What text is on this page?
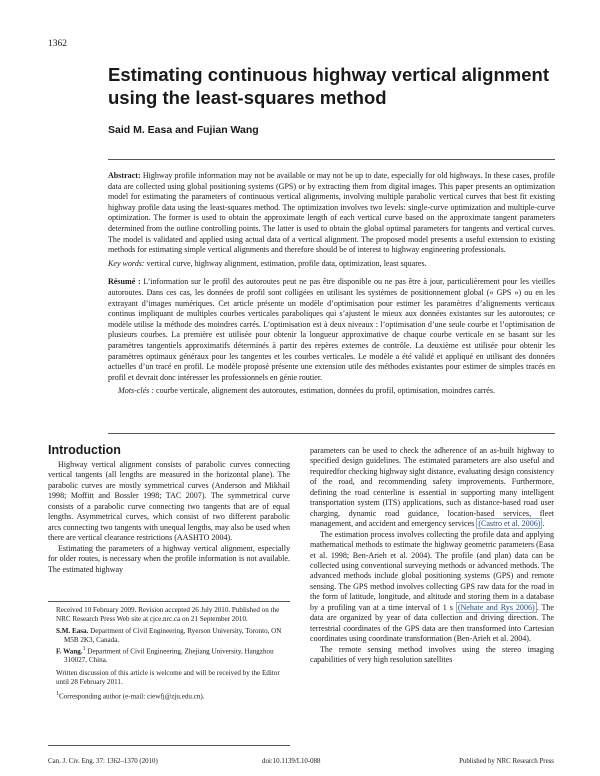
1362
Estimating continuous highway vertical alignment using the least-squares method
Said M. Easa and Fujian Wang

Abstract: Highway profile information may not be available or may not be up to date, especially for old highways. In these cases, profile data are collected using global positioning systems (GPS) or by extracting them from digital images. This paper presents an optimization model for estimating the parameters of continuous vertical alignments, involving multiple parabolic vertical curves that best fit existing highway profile data using the least-squares method. The optimization involves two levels: single-curve optimization and multiple-curve optimization. The former is used to obtain the approximate length of each vertical curve based on the approximate tangent parameters determined from the outline controlling points. The latter is used to obtain the global optimal parameters for tangents and vertical curves. The model is validated and applied using actual data of a vertical alignment. The proposed model presents a useful extension to existing methods for estimating simple vertical alignments and therefore should be of interest to highway engineering professionals.

Key words: vertical curve, highway alignment, estimation, profile data, optimization, least squares.

Résumé : L’information sur le profil des autoroutes peut ne pas être disponible ou ne pas être à jour, particulièrement pour les vieilles autoroutes. Dans ces cas, les données de profil sont colligées en utilisant les systèmes de positionnement global (« GPS ») ou en les extrayant d’images numériques. Cet article présente un modèle d’optimisation pour estimer les paramètres d’alignements verticaux continus impliquant de multiples courbes verticales paraboliques qui s’ajustent le mieux aux données existantes sur les autoroutes; ce modèle utilise la méthode des moindres carrés. L’optimisation est à deux niveaux : l’optimisation d’une seule courbe et l’optimisation de plusieurs courbes. La première est utilisée pour obtenir la longueur approximative de chaque courbe verticale en se basant sur les paramètres tangentiels approximatifs déterminés à partir des repères externes de contrôle. La deuxième est utilisée pour obtenir les paramètres optimaux généraux pour les tangentes et les courbes verticales. Le modèle a été validé et appliqué en utilisant des données actuelles d’un tracé en profil. Le modèle proposé présente une extension utile des méthodes existantes pour estimer de simples tracés en profil et devrait donc intéresser les professionnels en génie routier.

Mots-clés : courbe verticale, alignement des autoroutes, estimation, données du profil, optimisation, moindres carrés.

Introduction

Highway vertical alignment consists of parabolic curves connecting vertical tangents (all lengths are measured in the horizontal plane). The parabolic curves are mostly symmetrical curves (Anderson and Mikhail 1998; Moffitt and Bossler 1998; TAC 2007). The symmetrical curve consists of a parabolic curve connecting two tangents that are of equal lengths. Asymmetrical curves, which consist of two different parabolic arcs connecting two tangents with unequal lengths, may also be used when there are vertical clearance restrictions (AASHTO 2004).

Estimating the parameters of a highway vertical alignment, especially for older routes, is necessary when the profile information is not available. The estimated highway

Received 10 February 2009. Revision accepted 26 July 2010. Published on the NRC Research Press Web site at cjce.nrc.ca on 21 September 2010.

S.M. Easa. Department of Civil Engineering, Ryerson University, Toronto, ON M5B 2K3, Canada.

F. Wang.$^1$ Department of Civil Engineering, Zhejiang University, Hangzhou 310027, China.

Written discussion of this article is welcome and will be received by the Editor until 28 February 2011.

$^1$Corresponding author (e-mail: ciewfj@zju.edu.cn).

parameters can be used to check the adherence of an as-built highway to specified design guidelines. The estimated parameters are also useful and requiredfor checking highway sight distance, evaluating design consistency of the road, and recommending safety improvements. Furthermore, defining the road centerline is essential in supporting many intelligent transportation system (ITS) applications, such as distance-based road user charging, dynamic road guidance, location-based services, fleet management, and accident and emergency services (Castro et al. 2006) .

The estimation process involves collecting the profile data and applying mathematical methods to estimate the highway geometric parameters (Easa et al. 1998; Ben-Arieh et al. 2004). The profile (and plan) data can be collected using conventional surveying methods or advanced methods. The advanced methods include global positioning systems (GPS) and remote sensing. The GPS method involves collecting GPS raw data for the road in the form of latitude, longitude, and altitude and storing them in a database by a profiling van at a time interval of 1 s (Nehate and Rys 2006) . The data are organized by year of data collection and driving direction. The terrestrial coordinates of the GPS data are then transformed into Cartesian coordinates using coordinate transformation (Ben-Arieh et al. 2004).

The remote sensing method involves using the stereo imaging capabilities of very high resolution satellites

Can. J. Civ. Eng. 37: 1362–1370 (2010)	doi:10.1139/L10-088	Published by NRC Research Press
